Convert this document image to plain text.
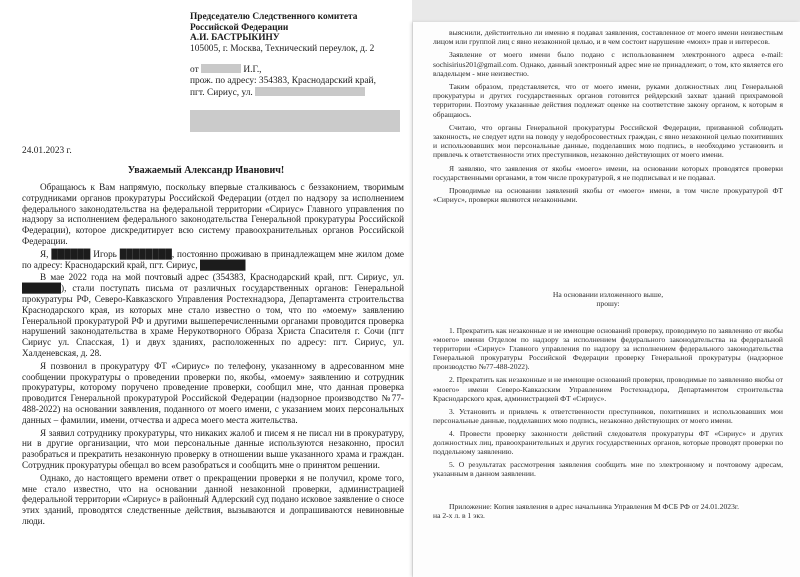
Председателю Следственного комитета
Российской Федерации
А.И. БАСТРЫКИНУ
105005, г. Москва, Технический переулок, д. 2
от	И.Г.,
прож. по адресу: 354383, Краснодарский край,
пгт. Сириус, ул.
24.01.2023 г.
Уважаемый Александр Иванович!

Обращаюсь к Вам напрямую, поскольку впервые сталкиваюсь с беззаконием, творимым сотрудниками органов прокуратуры Российской Федерации (отдел по надзору за исполнением федерального законодательства на федеральной территории «Сириус» Главного управления по надзору за исполнением федерального законодательства Генеральной прокуратуры Российской Федерации), которое дискредитирует всю систему правоохранительных органов Российской Федерации.

Я, ██████ Игорь ████████, постоянно проживаю в принадлежащем мне жилом доме по адресу: Краснодарский край, пгт. Сириус, ███████

В мае 2022 года на мой почтовый адрес (354383, Краснодарский край, пгт. Сириус, ул. ██████), стали поступать письма от различных государственных органов: Генеральной прокуратуры РФ, Северо-Кавказского Управления Ростехнадзора, Департамента строительства Краснодарского края, из которых мне стало известно о том, что по «моему» заявлению Генеральной прокуратурой РФ и другими вышеперечисленными органами проводится проверка нарушений законодательства в храме Нерукотворного Образа Христа Спасителя г. Сочи (пгт Сириус ул. Спасская, 1) и двух зданиях, расположенных по адресу: пгт. Сириус, ул. Халденевская, д. 28.

Я позвонил в прокуратуру ФТ «Сириус» по телефону, указанному в адресованном мне сообщении прокуратуры о проведении проверки по, якобы, «моему» заявлению и сотрудник прокуратуры, которому поручено проведение проверки, сообщил мне, что данная проверка проводится Генеральной прокуратурой Российской Федерации (надзорное производство №77-488-2022) на основании заявления, поданного от моего имени, с указанием моих персональных данных – фамилии, имени, отчества и адреса моего места жительства.

Я заявил сотруднику прокуратуры, что никаких жалоб и писем я не писал ни в прокуратуру, ни в другие организации, что мои персональные данные используются незаконно, просил разобраться и прекратить незаконную проверку в отношении выше указанного храма и граждан. Сотрудник прокуратуры обещал во всем разобраться и сообщить мне о принятом решении.

Однако, до настоящего времени ответ о прекращении проверки я не получил, кроме того, мне стало известно, что на основании данной незаконной проверки, администрацией федеральной территории «Сириус» в районный Адлерский суд подано исковое заявление о сносе этих зданий, проводятся следственные действия, вызываются и допрашиваются невиновные люди.

выяснили, действительно ли именно я подавал заявления, составленное от моего имени неизвестным лицом или группой лиц с явно незаконной целью, и в чем состоит нарушение «моих» прав и интересов.

Заявление от моего имени было подано с использованием электронного адреса e-mail: sochisirius201@gmail.com. Однако, данный электронный адрес мне не принадлежит, о том, кто является его владельцем - мне неизвестно.

Таким образом, представляется, что от моего имени, руками должностных лиц Генеральной прокуратуры и других государственных органов готовится рейдерский захват зданий прихрамовой территории. Поэтому указанные действия подлежат оценке на соответствие закону органом, к которым я обращаюсь.

Считаю, что органы Генеральной прокуратуры Российской Федерации, призванной соблюдать законность, не следует идти на поводу у недобросовестных граждан, с явно незаконной целью похитивших и использовавших мои персональные данные, подделавших мою подпись, в необходимо установить и привлечь к ответственности этих преступников, незаконно действующих от моего имени.

Я заявляю, что заявления от якобы «моего» имени, на основании которых проводятся проверки государственными органами, в том числе прокуратурой, я не подписывал и не подавал.

Проводимые на основании заявлений якобы от «моего» имени, в том числе прокуратурой ФТ «Сириус», проверки являются незаконными.

На основании изложенного выше,
прошу:

1. Прекратить как незаконные и не имеющие оснований проверку, проводимую по заявлению от якобы «моего» имени Отделом по надзору за исполнением федерального законодательства на федеральной территории «Сириус» Главного управления по надзору за исполнением федерального законодательства Генеральной прокуратуры Российской Федерации проверку Генеральной прокуратуры (надзорное производство №77-488-2022).

2. Прекратить как незаконные и не имеющие оснований проверки, проводимые по заявлению якобы от «моего» имени Северо-Кавказским Управлением Ростехнадзора, Департаментом строительства Краснодарского края, администрацией ФТ «Сириус».

3. Установить и привлечь к ответственности преступников, похитивших и использовавших мои персональные данные, подделавших мою подпись, незаконно действующих от моего имени.

4. Провести проверку законности действий следователя прокуратуры ФТ «Сириус» и других должностных лиц, правоохранительных и других государственных органов, которые проводят проверки по поддельному заявлению.

5. О результатах рассмотрения заявления сообщить мне по электронному и почтовому адресам, указанным в данном заявлении.

Приложение: Копия заявления в адрес начальника Управления М ФСБ РФ от 24.01.2023г.

на 2-х л. в 1 экз.
